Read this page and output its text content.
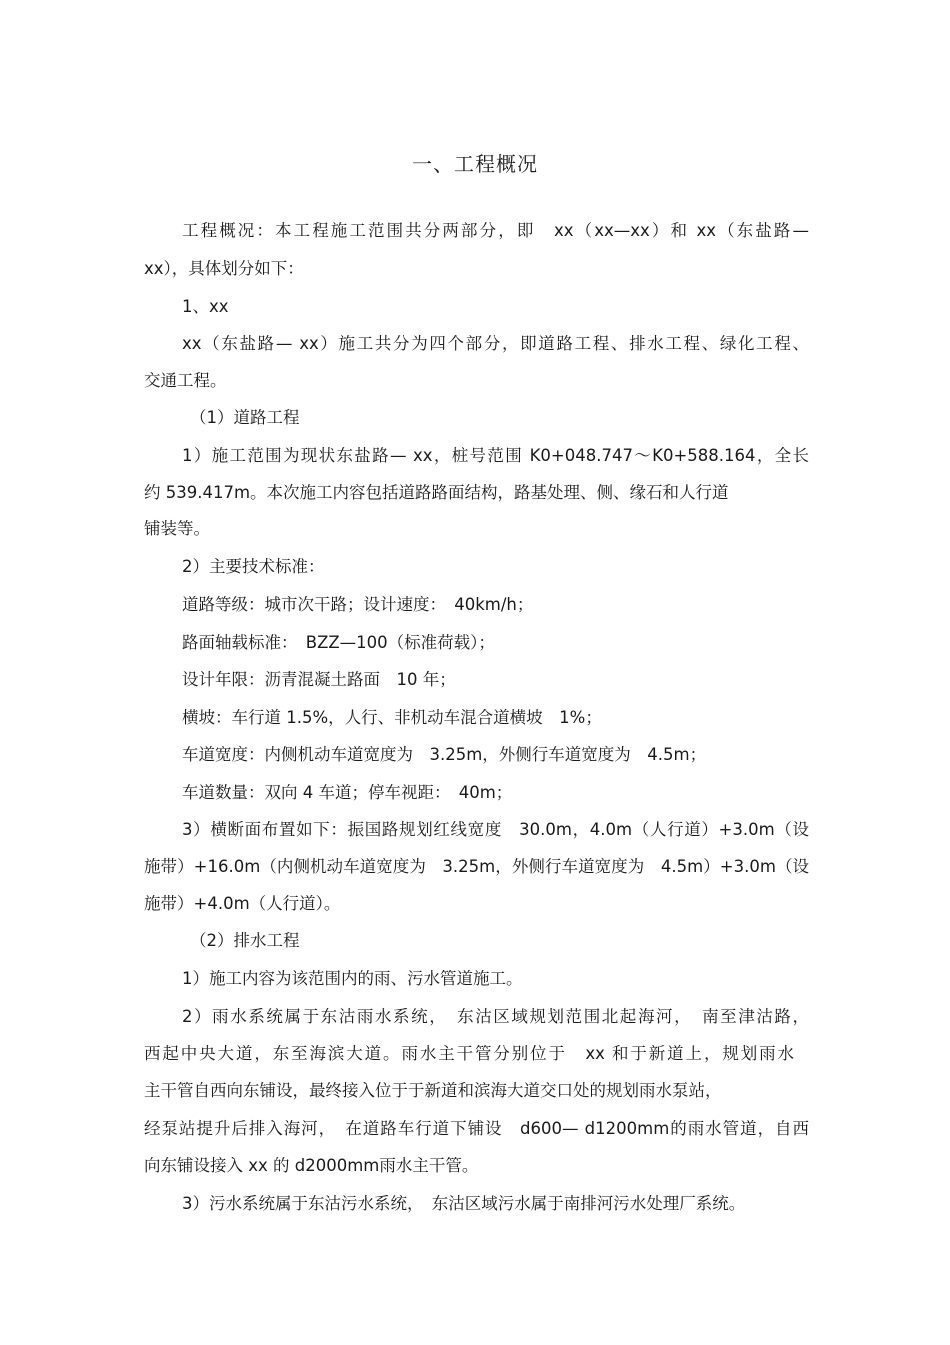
一、工程概况
工程概况：本工程施工范围共分两部分，即　xx（xx—xx）和 xx（东盐路—
xx），具体划分如下：
1、xx
xx（东盐路— xx）施工共分为四个部分，即道路工程、排水工程、绿化工程、
交通工程。
（1）道路工程
1）施工范围为现状东盐路— xx，桩号范围 K0+048.747～K0+588.164，全长
约 539.417m。本次施工内容包括道路路面结构，路基处理、侧、缘石和人行道
铺装等。
2）主要技术标准：
道路等级：城市次干路；设计速度：　40km/h；
路面轴载标准：　BZZ—100（标准荷载）；
设计年限：沥青混凝土路面　10 年；
横坡：车行道 1.5%，人行、非机动车混合道横坡　1%；
车道宽度：内侧机动车道宽度为　3.25m，外侧行车道宽度为　4.5m；
车道数量：双向 4 车道；停车视距：　40m；
3）横断面布置如下：振国路规划红线宽度　30.0m，4.0m（人行道）+3.0m（设
施带）+16.0m（内侧机动车道宽度为　3.25m，外侧行车道宽度为　4.5m）+3.0m（设
施带）+4.0m（人行道）。
（2）排水工程
1）施工内容为该范围内的雨、污水管道施工。
2）雨水系统属于东沽雨水系统，　东沽区域规划范围北起海河，　南至津沽路，
西起中央大道，东至海滨大道。雨水主干管分别位于　xx 和于新道上，规划雨水
主干管自西向东铺设，最终接入位于于新道和滨海大道交口处的规划雨水泵站，
经泵站提升后排入海河，　在道路车行道下铺设　d600— d1200mm的雨水管道，自西
向东铺设接入 xx 的 d2000mm雨水主干管。
3）污水系统属于东沽污水系统，　东沽区域污水属于南排河污水处理厂系统。
